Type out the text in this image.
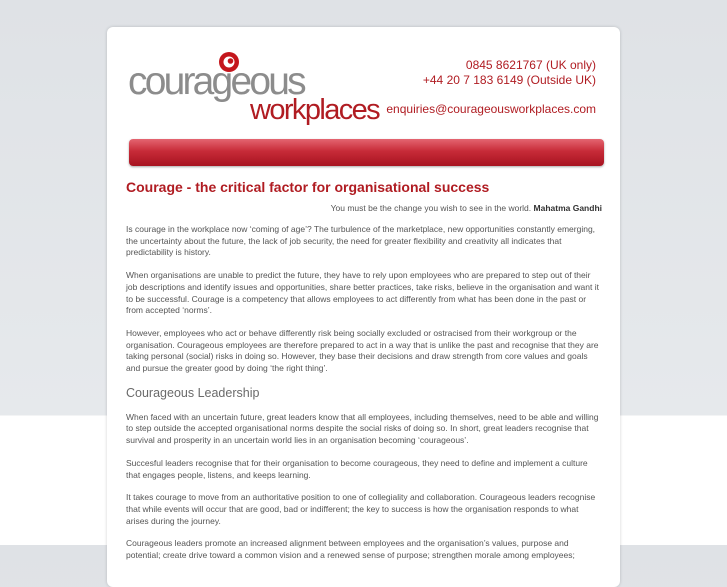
courageous
workplaces
0845 8621767 (UK only)
+44 20 7 183 6149 (Outside UK)
enquiries@courageousworkplaces.com
Courage - the critical factor for organisational success
You must be the change you wish to see in the world. Mahatma Gandhi

Is courage in the workplace now ‘coming of age’? The turbulence of the marketplace, new opportunities constantly emerging, the uncertainty about the future, the lack of job security, the need for greater flexibility and creativity all indicates that predictability is history.

When organisations are unable to predict the future, they have to rely upon employees who are prepared to step out of their job descriptions and identify issues and opportunities, share better practices, take risks, believe in the organisation and want it to be successful. Courage is a competency that allows employees to act differently from what has been done in the past or from accepted ‘norms’.

However, employees who act or behave differently risk being socially excluded or ostracised from their workgroup or the organisation. Courageous employees are therefore prepared to act in a way that is unlike the past and recognise that they are taking personal (social) risks in doing so. However, they base their decisions and draw strength from core values and goals and pursue the greater good by doing ‘the right thing’.

Courageous Leadership

When faced with an uncertain future, great leaders know that all employees, including themselves, need to be able and willing to step outside the accepted organisational norms despite the social risks of doing so. In short, great leaders recognise that survival and prosperity in an uncertain world lies in an organisation becoming ‘courageous’.

Succesful leaders recognise that for their organisation to become courageous, they need to define and implement a culture that engages people, listens, and keeps learning.

It takes courage to move from an authoritative position to one of collegiality and collaboration. Courageous leaders recognise that while events will occur that are good, bad or indifferent; the key to success is how the organisation responds to what arises during the journey.

Courageous leaders promote an increased alignment between employees and the organisation’s values, purpose and potential; create drive toward a common vision and a renewed sense of purpose; strengthen morale among employees;
